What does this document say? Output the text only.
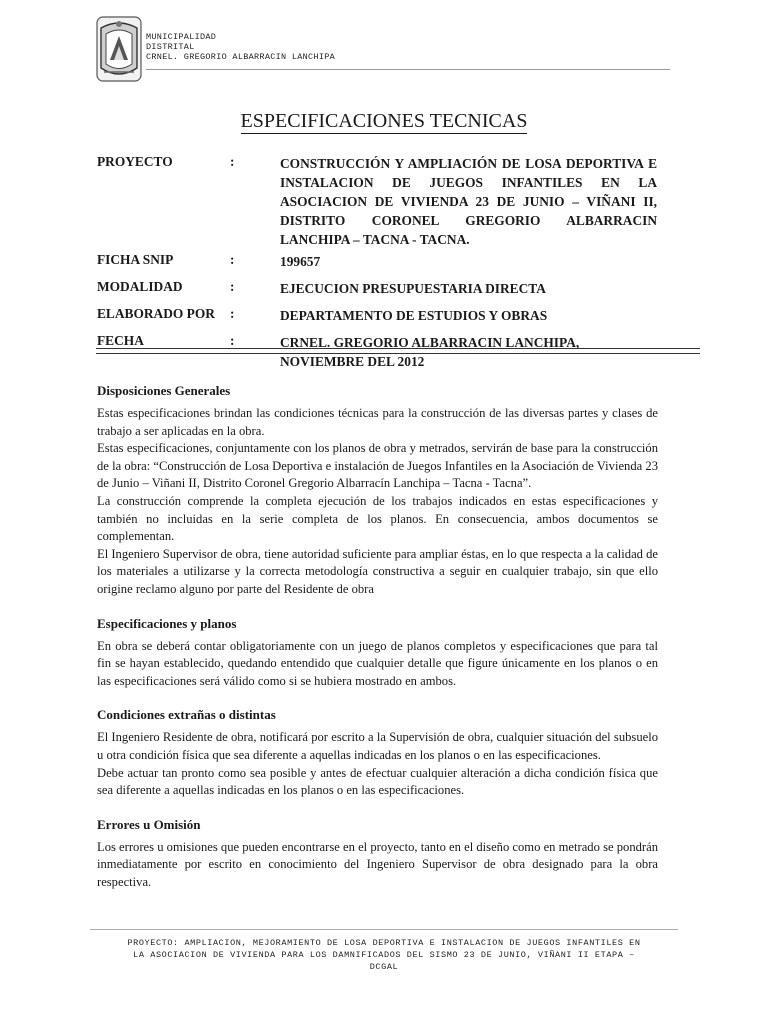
MUNICIPALIDAD
DISTRITAL
CRNEL. GREGORIO ALBARRACIN LANCHIPA
ESPECIFICACIONES TECNICAS
PROYECTO	:	CONSTRUCCIÓN Y AMPLIACIÓN DE LOSA DEPORTIVA E INSTALACION DE JUEGOS INFANTILES EN LA ASOCIACION DE VIVIENDA 23 DE JUNIO – VIÑANI II, DISTRITO CORONEL GREGORIO ALBARRACIN LANCHIPA – TACNA - TACNA.
FICHA SNIP	:	199657
MODALIDAD	:	EJECUCION PRESUPUESTARIA DIRECTA
ELABORADO POR :	DEPARTAMENTO DE ESTUDIOS Y OBRAS
FECHA	:	CRNEL. GREGORIO ALBARRACIN LANCHIPA, NOVIEMBRE DEL 2012
Disposiciones Generales

Estas especificaciones brindan las condiciones técnicas para la construcción de las diversas partes y clases de trabajo a ser aplicadas en la obra.

Estas especificaciones, conjuntamente con los planos de obra y metrados, servirán de base para la construcción de la obra: “Construcción de Losa Deportiva e instalación de Juegos Infantiles en la Asociación de Vivienda 23 de Junio – Viñani II, Distrito Coronel Gregorio Albarracín Lanchipa – Tacna - Tacna”.

La construcción comprende la completa ejecución de los trabajos indicados en estas especificaciones y también no incluidas en la serie completa de los planos. En consecuencia, ambos documentos se complementan.

El Ingeniero Supervisor de obra, tiene autoridad suficiente para ampliar éstas, en lo que respecta a la calidad de los materiales a utilizarse y la correcta metodología constructiva a seguir en cualquier trabajo, sin que ello origine reclamo alguno por parte del Residente de obra

Especificaciones y planos

En obra se deberá contar obligatoriamente con un juego de planos completos y especificaciones que para tal fin se hayan establecido, quedando entendido que cualquier detalle que figure únicamente en los planos o en las especificaciones será válido como si se hubiera mostrado en ambos.

Condiciones extrañas o distintas

El Ingeniero Residente de obra, notificará por escrito a la Supervisión de obra, cualquier situación del subsuelo u otra condición física que sea diferente a aquellas indicadas en los planos o en las especificaciones.

Debe actuar tan pronto como sea posible y antes de efectuar cualquier alteración a dicha condición física que sea diferente a aquellas indicadas en los planos o en las especificaciones.

Errores u Omisión

Los errores u omisiones que pueden encontrarse en el proyecto, tanto en el diseño como en metrado se pondrán inmediatamente por escrito en conocimiento del Ingeniero Supervisor de obra designado para la obra respectiva.

PROYECTO: AMPLIACION, MEJORAMIENTO DE LOSA DEPORTIVA E INSTALACION DE JUEGOS INFANTILES EN
LA ASOCIACION DE VIVIENDA PARA LOS DAMNIFICADOS DEL SISMO 23 DE JUNIO, VIÑANI II ETAPA –
DCGAL
